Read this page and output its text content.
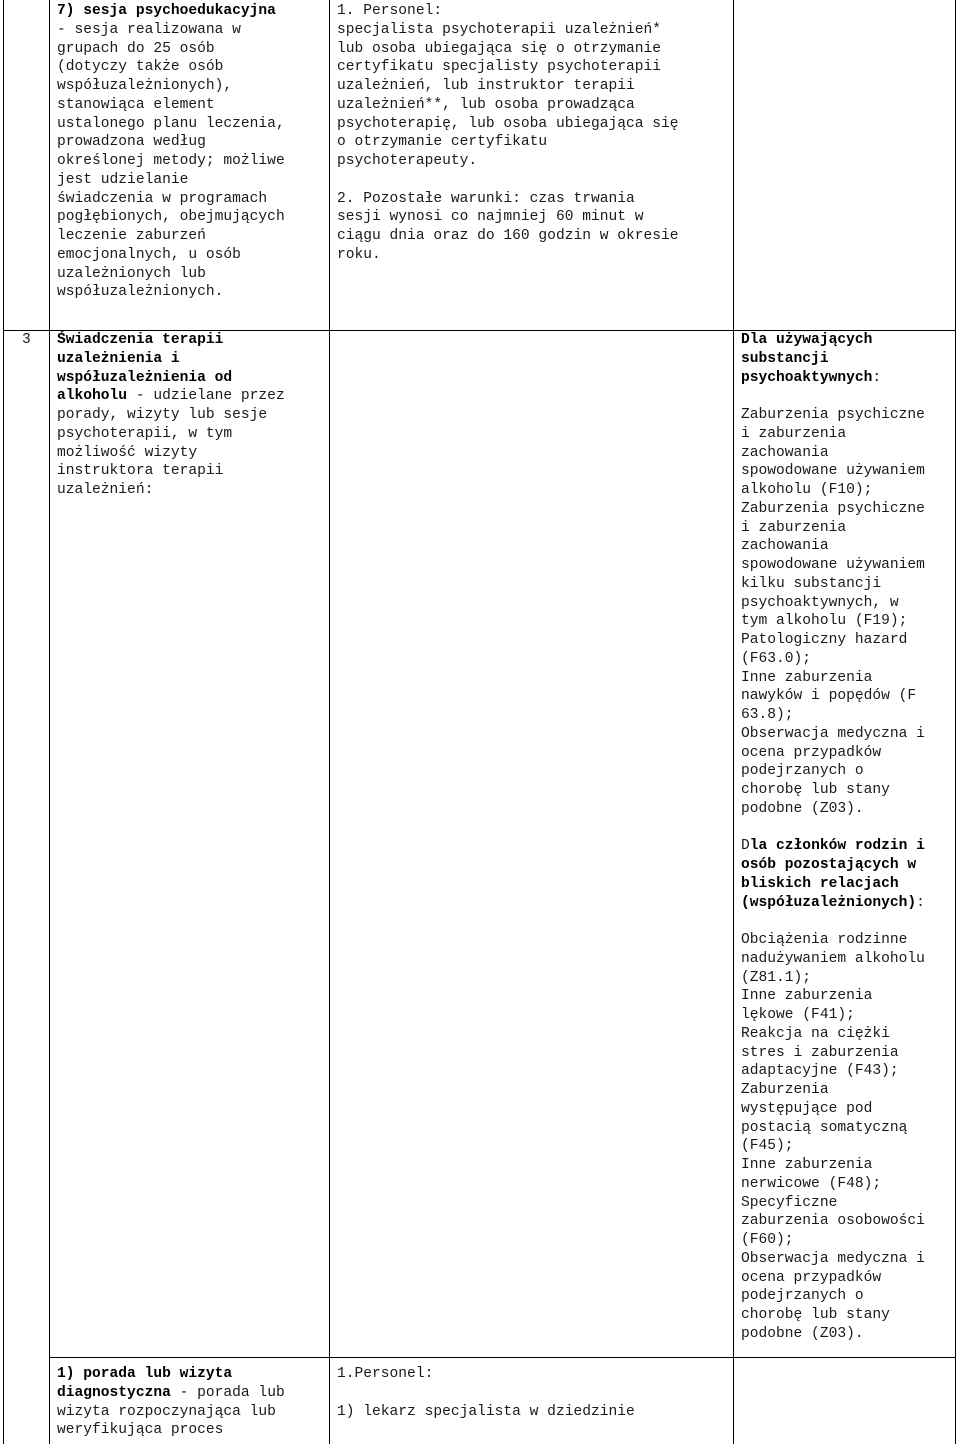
7) sesja psychoedukacyjna

- sesja realizowana w

grupach do 25 osób

(dotyczy także osób

współuzależnionych),

stanowiąca element

ustalonego planu leczenia,

prowadzona według

określonej metody; możliwe

jest udzielanie

świadczenia w programach

pogłębionych, obejmujących

leczenie zaburzeń

emocjonalnych, u osób

uzależnionych lub

współuzależnionych.

1. Personel:

specjalista psychoterapii uzależnień*

lub osoba ubiegająca się o otrzymanie

certyfikatu specjalisty psychoterapii

uzależnień, lub instruktor terapii

uzależnień**, lub osoba prowadząca

psychoterapię, lub osoba ubiegająca się

o otrzymanie certyfikatu

psychoterapeuty.

2. Pozostałe warunki: czas trwania

sesji wynosi co najmniej 60 minut w

ciągu dnia oraz do 160 godzin w okresie

roku.

3 Świadczenia terapii

uzależnienia i

współuzależnienia od

alkoholu - udzielane przez

porady, wizyty lub sesje

psychoterapii, w tym

możliwość wizyty

instruktora terapii

uzależnień:

Dla używających

substancji

psychoaktywnych:

Zaburzenia psychiczne

i zaburzenia

zachowania

spowodowane używaniem

alkoholu (F10);

Zaburzenia psychiczne

i zaburzenia

zachowania

spowodowane używaniem

kilku substancji

psychoaktywnych, w

tym alkoholu (F19);

Patologiczny hazard

(F63.0);

Inne zaburzenia

nawyków i popędów (F

63.8);

Obserwacja medyczna i

ocena przypadków

podejrzanych o

chorobę lub stany

podobne (Z03).

Dla członków rodzin i

osób pozostających w

bliskich relacjach

(współuzależnionych):

Obciążenia rodzinne

nadużywaniem alkoholu

(Z81.1);

Inne zaburzenia

lękowe (F41);

Reakcja na ciężki

stres i zaburzenia

adaptacyjne (F43);

Zaburzenia

występujące pod

postacią somatyczną

(F45);

Inne zaburzenia

nerwicowe (F48);

Specyficzne

zaburzenia osobowości

(F60);

Obserwacja medyczna i

ocena przypadków

podejrzanych o

chorobę lub stany

podobne (Z03).

1) porada lub wizyta

diagnostyczna - porada lub

wizyta rozpoczynająca lub

weryfikująca proces

1.Personel:

1) lekarz specjalista w dziedzinie
